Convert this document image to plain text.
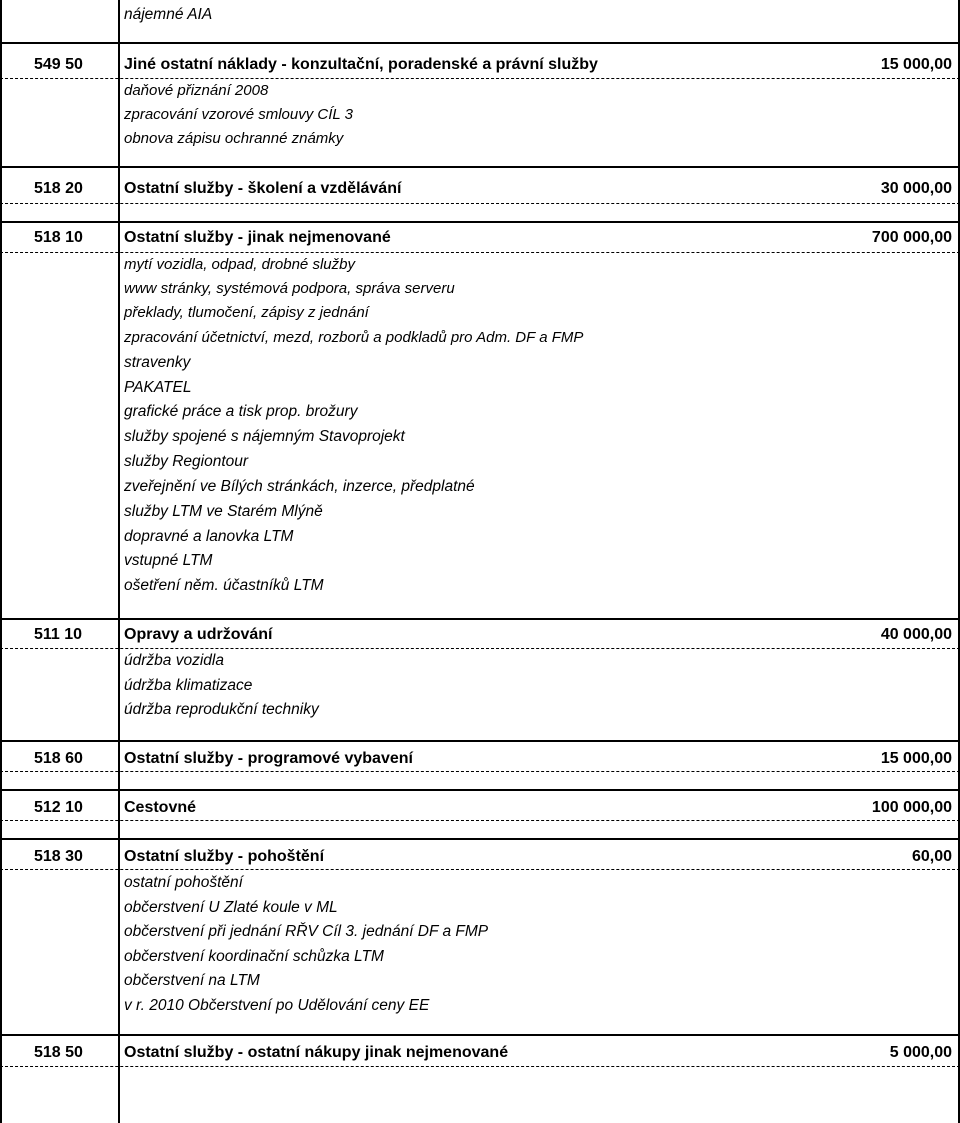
nájemné AIA
549 50	Jiné ostatní náklady - konzultační, poradenské a právní služby	15 000,00
daňové přiznání 2008
zpracování vzorové smlouvy CÍL 3
obnova zápisu ochranné známky
518 20	Ostatní služby - školení a vzdělávání	30 000,00
518 10	Ostatní služby - jinak nejmenované	700 000,00
mytí vozidla, odpad, drobné služby
www stránky, systémová podpora, správa serveru
překlady, tlumočení, zápisy z jednání
zpracování účetnictví, mezd, rozborů a podkladů pro Adm. DF a FMP
stravenky
PAKATEL
grafické práce a tisk prop. brožury
služby spojené s nájemným Stavoprojekt
služby Regiontour
zveřejnění ve Bílých stránkách, inzerce, předplatné
služby LTM ve Starém Mlýně
dopravné a lanovka LTM
vstupné LTM
ošetření něm. účastníků LTM
511 10	Opravy a udržování	40 000,00
údržba vozidla
údržba klimatizace
údržba reprodukční techniky
518 60	Ostatní služby - programové vybavení	15 000,00
512 10	Cestovné	100 000,00
518 30	Ostatní služby - pohoštění	60,00
ostatní pohoštění
občerstvení U Zlaté koule v ML
občerstvení při jednání RŘV Cíl 3. jednání DF a FMP
občerstvení koordinační schůzka LTM
občerstvení na LTM
v r. 2010 Občerstvení po Udělování ceny EE
518 50	Ostatní služby - ostatní nákupy jinak nejmenované	5 000,00
